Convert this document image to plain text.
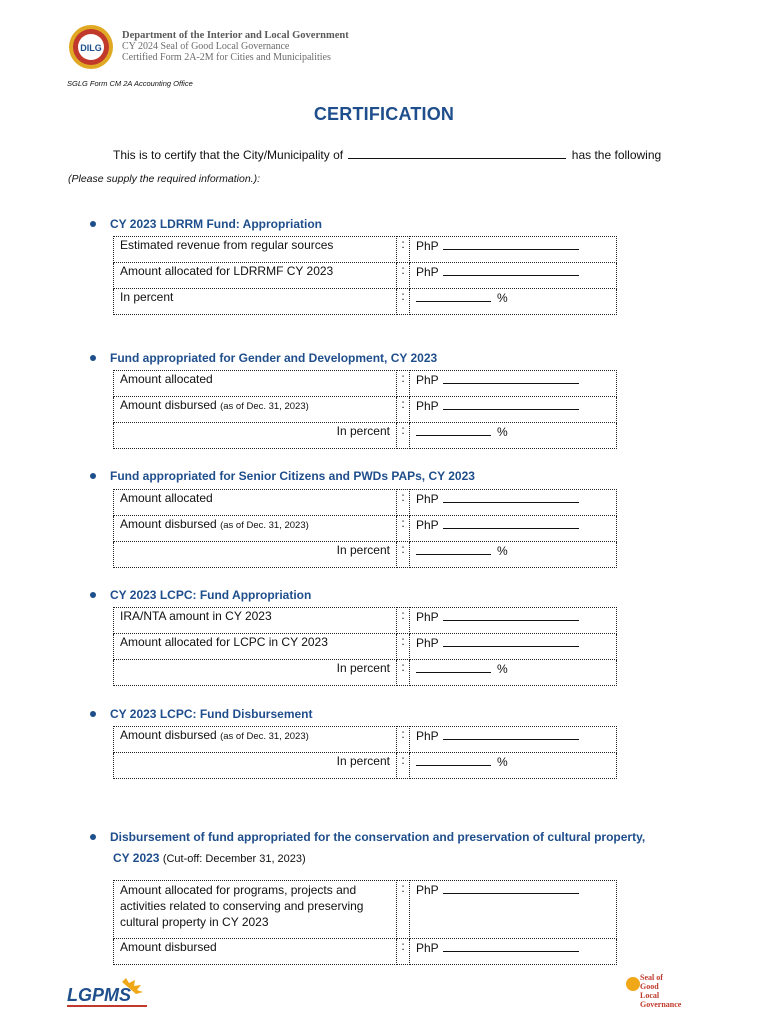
DILG
Department of the Interior and Local Government
CY 2024 Seal of Good Local Governance
Certified Form 2A-2M for Cities and Municipalities
SGLG Form CM 2A Accounting Office
CERTIFICATION
This is to certify that the City/Municipality of	has the following
(Please supply the required information.):
CY 2023 LDRRM Fund: Appropriation
Estimated revenue from regular sources	:	PhP
Amount allocated for LDRRMF CY 2023	:	PhP
In percent	:	%
Fund appropriated for Gender and Development, CY 2023
Amount allocated	:	PhP
Amount disbursed (as of Dec. 31, 2023)	:	PhP
In percent	:	%
Fund appropriated for Senior Citizens and PWDs PAPs, CY 2023
Amount allocated	:	PhP
Amount disbursed (as of Dec. 31, 2023)	:	PhP
In percent	:	%
CY 2023 LCPC: Fund Appropriation
IRA/NTA amount in CY 2023	:	PhP
Amount allocated for LCPC in CY 2023	:	PhP
In percent	:	%
CY 2023 LCPC: Fund Disbursement
Amount disbursed (as of Dec. 31, 2023)	:	PhP
In percent	:	%
Disbursement of fund appropriated for the conservation and preservation of cultural property,
CY 2023 (Cut-off: December 31, 2023)
Amount allocated for programs, projects and activities related to conserving and preserving cultural property in CY 2023	:	PhP
Amount disbursed	:	PhP
LGPMS
Seal of
Good
Local
Governance
